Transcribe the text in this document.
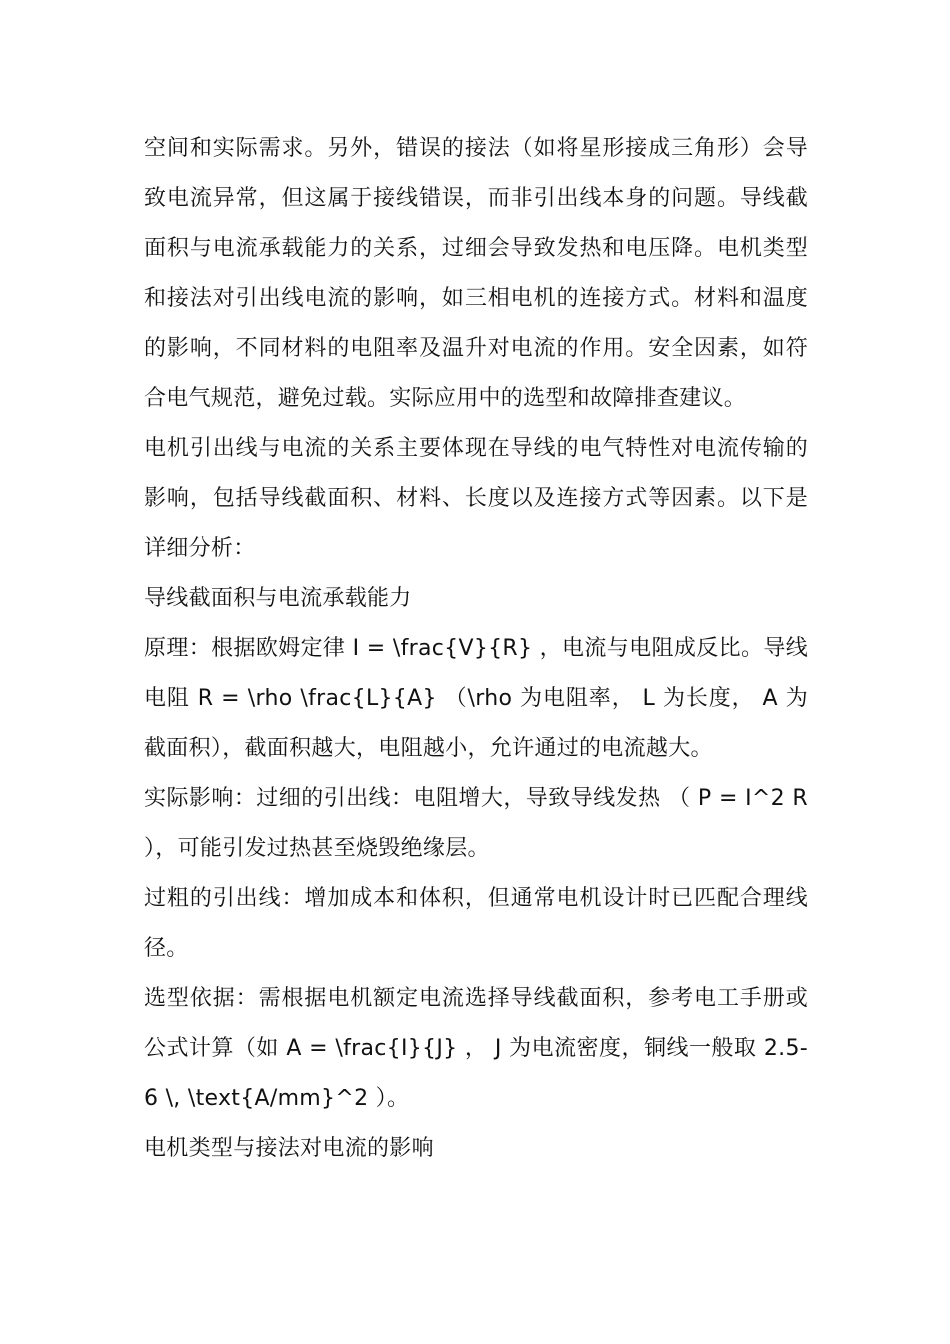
空间和实际需求。另外，错误的接法（如将星形接成三角形）会导致电流异常，但这属于接线错误，而非引出线本身的问题。导线截面积与电流承载能力的关系，过细会导致发热和电压降。电机类型和接法对引出线电流的影响，如三相电机的连接方式。材料和温度的影响，不同材料的电阻率及温升对电流的作用。安全因素，如符合电气规范，避免过载。实际应用中的选型和故障排查建议。

电机引出线与电流的关系主要体现在导线的电气特性对电流传输的影响，包括导线截面积、材料、长度以及连接方式等因素。以下是详细分析：

导线截面积与电流承载能力

原理：根据欧姆定律 I = \frac{V}{R} ，电流与电阻成反比。导线电阻 R = \rho \frac{L}{A} （\rho 为电阻率， L 为长度， A 为截面积），截面积越大，电阻越小，允许通过的电流越大。

实际影响：过细的引出线：电阻增大，导致导线发热 （ P = I^2 R ），可能引发过热甚至烧毁绝缘层。

过粗的引出线：增加成本和体积，但通常电机设计时已匹配合理线径。

选型依据：需根据电机额定电流选择导线截面积，参考电工手册或公式计算（如 A = \frac{I}{J} ， J 为电流密度，铜线一般取 2.5-6 \, \text{A/mm}^2 ）。

电机类型与接法对电流的影响
